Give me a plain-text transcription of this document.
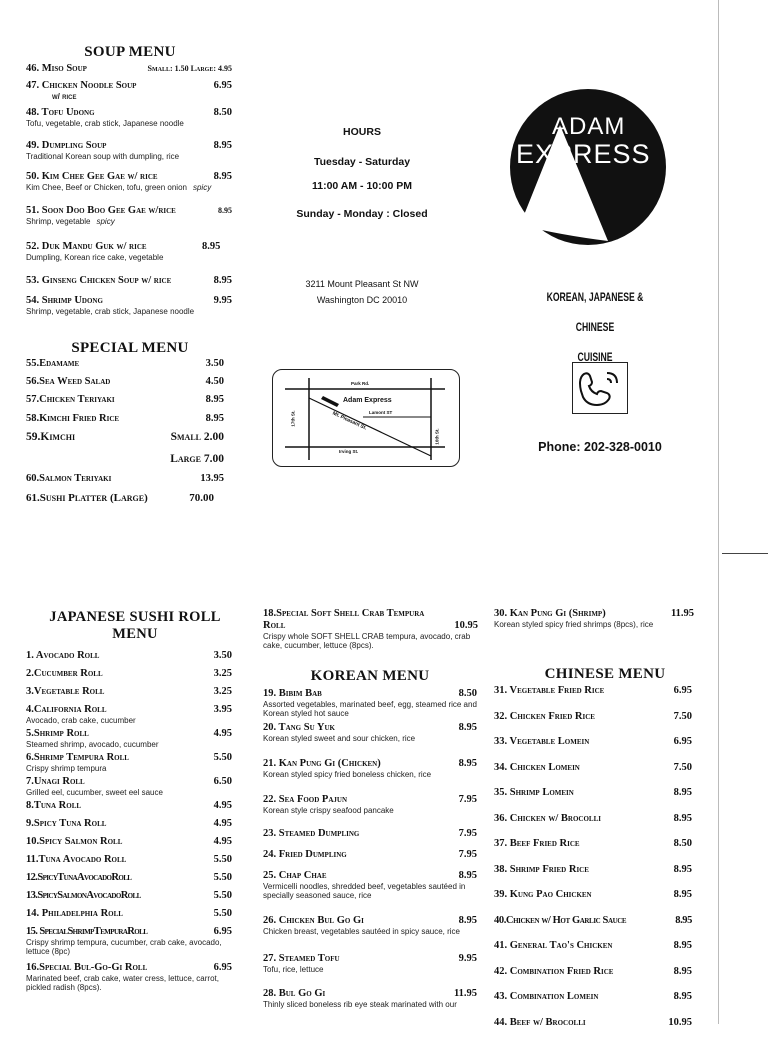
SOUP MENU
46. Miso Soup	Small: 1.50 Large: 4.95
47. Chicken Noodle Soup	6.95
w/ rice
48. Tofu Udong	8.50
Tofu, vegetable, crab stick, Japanese noodle
49. Dumpling Soup	8.95
Traditional Korean soup with dumpling, rice
50. Kim Chee Gee Gae w/ rice	8.95
Kim Chee, Beef or Chicken, tofu, green onion spicy
51. Soon Doo Boo Gee Gae w/rice	8.95
Shrimp, vegetable spicy
52. Duk Mandu Guk w/ rice	8.95
Dumpling, Korean rice cake, vegetable
53. Ginseng Chicken Soup w/ rice	8.95
54. Shrimp Udong	9.95
Shrimp, vegetable, crab stick, Japanese noodle
SPECIAL MENU
55.Edamame	3.50
56.Sea Weed Salad	4.50
57.Chicken Teriyaki	8.95
58.Kimchi Fried Rice	8.95
59.Kimchi	Small 2.00
Large 7.00
60.Salmon Teriyaki	13.95
61.Sushi Platter (Large)	70.00
HOURS
Tuesday - Saturday
11:00 AM - 10:00 PM
Sunday - Monday : Closed
3211 Mount Pleasant St NW
Washington DC 20010
Park Rd.
Adam Express
Lamont ST
Mt. Pleasant St.
Irving St.
17th St.
16th St.
ADAM
EXPRESS
KOREAN, JAPANESE & CHINESE
CUISINE
Phone: 202-328-0010
JAPANESE SUSHI ROLL
MENU
1. Avocado Roll	3.50
2.Cucumber Roll	3.25
3.Vegetable Roll	3.25
4.California Roll	3.95
Avocado, crab cake, cucumber
5.Shrimp Roll	4.95
Steamed shrimp, avocado, cucumber
6.Shrimp Tempura Roll	5.50
Crispy shrimp tempura
7.Unagi Roll	6.50
Grilled eel, cucumber, sweet eel sauce
8.Tuna Roll	4.95
9.Spicy Tuna Roll	4.95
10.Spicy Salmon Roll	4.95
11.Tuna Avocado Roll	5.50
12.SpicyTunaAvocadoRoll	5.50
13.SpicySalmonAvocadoRoll	5.50
14. Philadelphia Roll	5.50
15. SpecialShrimpTempuraRoll	6.95
Crispy shrimp tempura, cucumber, crab cake, avocado, lettuce (8pc)
16.Special Bul-Go-Gi Roll	6.95
Marinated beef, crab cake, water cress, lettuce, carrot, pickled radish (8pcs).
18.Special Soft Shell Crab Tempura Roll	10.95
Crispy whole SOFT SHELL CRAB tempura, avocado, crab cake, cucumber, lettuce (8pcs).
KOREAN MENU
19. Bibim Bab	8.50
Assorted vegetables, marinated beef, egg, steamed rice and Korean styled hot sauce
20. Tang Su Yuk	8.95
Korean styled sweet and sour chicken, rice
21. Kan Pung Gi (Chicken)	8.95
Korean styled spicy fried boneless chicken, rice
22. Sea Food Pajun	7.95
Korean style crispy seafood pancake
23. Steamed Dumpling	7.95
24. Fried Dumpling	7.95
25. Chap Chae	8.95
Vermicelli noodles, shredded beef, vegetables sautéed in specially seasoned sauce, rice
26. Chicken Bul Go Gi	8.95
Chicken breast, vegetables sautéed in spicy sauce, rice
27. Steamed Tofu	9.95
Tofu, rice, lettuce
28. Bul Go Gi	11.95
Thinly sliced boneless rib eye steak marinated with our
30. Kan Pung Gi (Shrimp)	11.95
Korean styled spicy fried shrimps (8pcs), rice
CHINESE MENU
31. Vegetable Fried Rice	6.95
32. Chicken Fried Rice	7.50
33. Vegetable Lomein	6.95
34. Chicken Lomein	7.50
35. Shrimp Lomein	8.95
36. Chicken w/ Brocolli	8.95
37. Beef Fried Rice	8.50
38. Shrimp Fried Rice	8.95
39. Kung Pao Chicken	8.95
40.Chicken w/ Hot Garlic Sauce	8.95
41. General Tao's Chicken	8.95
42. Combination Fried Rice	8.95
43. Combination Lomein	8.95
44. Beef w/ Brocolli	10.95
